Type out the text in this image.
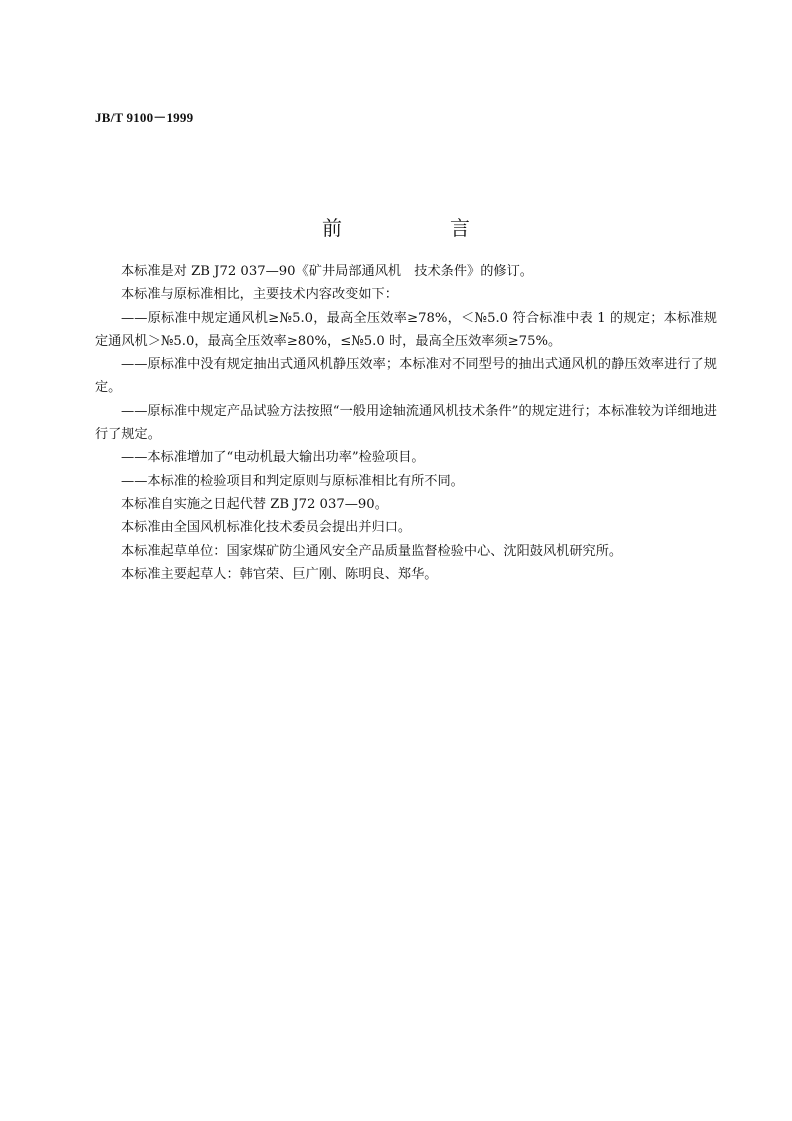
JB/T 9100－1999
前　言

本标准是对 ZB J72 037—90《矿井局部通风机　技术条件》的修订。

本标准与原标准相比，主要技术内容改变如下：

——原标准中规定通风机≥№5.0，最高全压效率≥78%，＜№5.0 符合标准中表 1 的规定；本标准规定通风机＞№5.0，最高全压效率≥80%，≤№5.0 时，最高全压效率须≥75%。

——原标准中没有规定抽出式通风机静压效率；本标准对不同型号的抽出式通风机的静压效率进行了规定。

——原标准中规定产品试验方法按照“一般用途轴流通风机技术条件”的规定进行；本标准较为详细地进行了规定。

——本标准增加了“电动机最大输出功率”检验项目。

——本标准的检验项目和判定原则与原标准相比有所不同。

本标准自实施之日起代替 ZB J72 037—90。

本标准由全国风机标准化技术委员会提出并归口。

本标准起草单位：国家煤矿防尘通风安全产品质量监督检验中心、沈阳鼓风机研究所。

本标准主要起草人：韩官荣、巨广刚、陈明良、郑华。
